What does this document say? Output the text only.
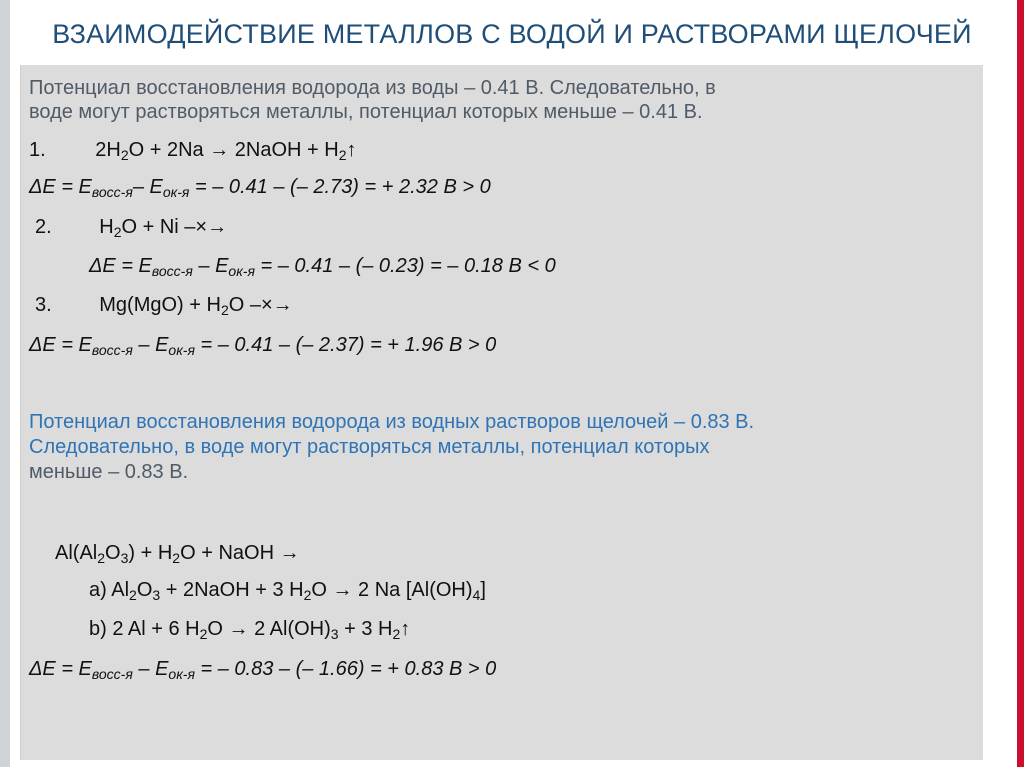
ВЗАИМОДЕЙСТВИЕ МЕТАЛЛОВ С ВОДОЙ И РАСТВОРАМИ ЩЕЛОЧЕЙ

Потенциал восстановления водорода из воды – 0.41 В. Следовательно, в

воде могут растворяться металлы, потенциал которых меньше – 0.41 В.

1. $2H_2O + 2Na$ → 2NaOH + $H_2↑$
$\Delta E = E_{восс-я}-$ $E_{ок-я}$ = – 0.41 – (– 2.73) = + 2.32 В > 0
2. $H_2O + Ni$ –×→
$\Delta E = E_{восс-я} - E_{ок-я}$ = – 0.41 – (– 0.23) = – 0.18 В < 0
3. $Mg(MgO) + H_2O$ –×→
$\Delta E = E_{восс-я} - E_{ок-я}$ = – 0.41 – (– 2.37) = + 1.96 В > 0

Потенциал восстановления водорода из водных растворов щелочей – 0.83 В.

Следовательно, в воде могут растворяться металлы, потенциал которых

меньше – 0.83 В.

$Al(Al_2O_3) + H_2O$ + NaOH →
a) $Al_2O_3$ + 2NaOH + 3 $H_2O \to 2$ Na $[Al(OH)_4]$
b) 2 Al + 6 $H_2O \to 2$ $Al(OH)_3 + 3$ $H_2↑$
$\Delta E = E_{восс-я} - E_{ок-я}$ = – 0.83 – (– 1.66) = + 0.83 В > 0
